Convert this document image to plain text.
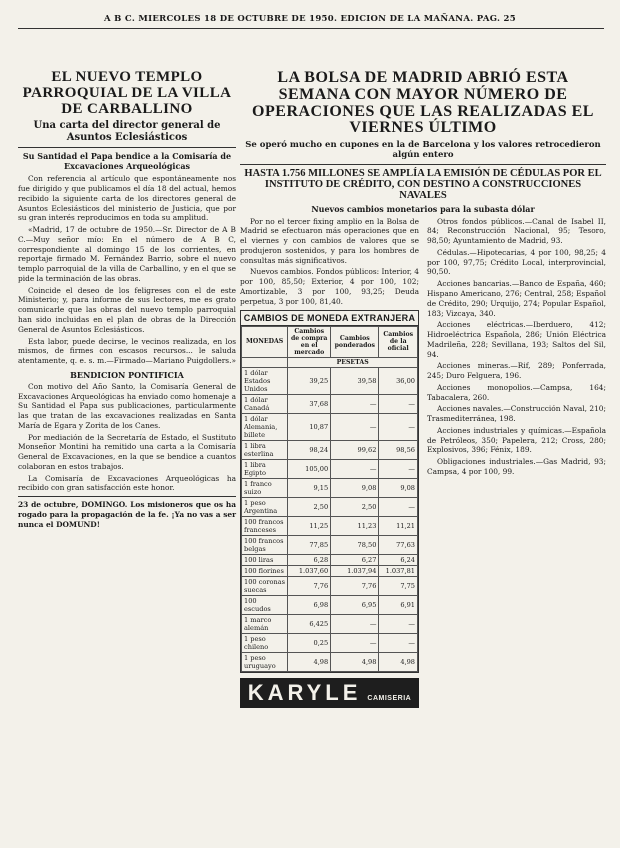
A B C. MIERCOLES 18 DE OCTUBRE DE 1950. EDICION DE LA MAÑANA. PAG. 25
EL NUEVO TEMPLO PARROQUIAL DE LA VILLA DE CARBALLINO
Una carta del director general de Asuntos Eclesiásticos
Su Santidad el Papa bendice a la Comisaría de Excavaciones Arqueológicas

Con referencia al artículo que espontáneamente nos fue dirigido y que publicamos el día 18 del actual, hemos recibido la siguiente carta de los directores general de Asuntos Eclesiásticos del ministerio de Justicia, que por su gran interés reproducimos en toda su amplitud.

«Madrid, 17 de octubre de 1950.—Sr. Director de A B C.—Muy señor mío: En el número de A B C, correspondiente al domingo 15 de los corrientes, en reportaje firmado M. Fernández Barrio, sobre el nuevo templo parroquial de la villa de Carballino, y en el que se pide la terminación de las obras.

Coincide el deseo de los feligreses con el de este Ministerio; y, para informe de sus lectores, me es grato comunicarle que las obras del nuevo templo parroquial han sido incluidas en el plan de obras de la Dirección General de Asuntos Eclesiásticos.

Esta labor, puede decirse, le vecinos realizada, en los mismos, de firmes con escasos recursos... le saluda atentamente, q. e. s. m.—Firmado—Mariano Puigdollers.»

BENDICION PONTIFICIA

Con motivo del Año Santo, la Comisaría General de Excavaciones Arqueológicas ha enviado como homenaje a Su Santidad el Papa sus publicaciones, particularmente las que tratan de las excavaciones realizadas en Santa María de Egara y Zorita de los Canes.

Por mediación de la Secretaría de Estado, el Sustituto Monseñor Montini ha remitido una carta a la Comisaría General de Excavaciones, en la que se bendice a cuantos colaboran en estos trabajos.

La Comisaría de Excavaciones Arqueológicas ha recibido con gran satisfacción este honor.

23 de octubre, DOMINGO. Los misioneros que os ha rogado para la propagación de la fe. ¡Ya no vas a ser nunca el DOMUND!
LA BOLSA DE MADRID ABRIÓ ESTA SEMANA CON MAYOR NÚMERO DE OPERACIONES QUE LAS REALIZADAS EL VIERNES ÚLTIMO
Se operó mucho en cupones en la de Barcelona y los valores retrocedieron algún entero
HASTA 1.756 MILLONES SE AMPLÍA LA EMISIÓN DE CÉDULAS POR EL INSTITUTO DE CRÉDITO, CON DESTINO A CONSTRUCCIONES NAVALES
Nuevos cambios monetarios para la subasta dólar

Por no el tercer fixing amplio en la Bolsa de Madrid se efectuaron más operaciones que en el viernes y con cambios de valores que se produjeron sostenidos, y para los hombres de consultas más significativos.

Nuevos cambios. Fondos públicos: Interior, 4 por 100, 85,50; Exterior, 4 por 100, 102; Amortizable, 3 por 100, 93,25; Deuda perpetua, 3 por 100, 81,40.

CAMBIOS DE MONEDA EXTRANJERA
MONEDAS	Cambios de compra en el mercado	Cambios ponderados	Cambios de la oficial
	PESETAS		
1 dólar Estados Unidos	39,25	39,58	36,00
1 dólar Canadá	37,68	—	—
1 dólar Alemania, billete	10,87	—	—
1 libra esterlina	98,24	99,62	98,56
1 libra Egipto	105,00	—	—
1 franco suizo	9,15	9,08	9,08
1 peso Argentina	2,50	2,50	—
100 francos franceses	11,25	11,23	11,21
100 francos belgas	77,85	78,50	77,63
100 liras	6,28	6,27	6,24
100 florines	1.037,60	1.037,94	1.037,81
100 coronas suecas	7,76	7,76	7,75
100 escudos	6,98	6,95	6,91
1 marco alemán	6,425	—	—
1 peso chileno	0,25	—	—
1 peso uruguayo	4,98	4,98	4,98
KARYLE CAMISERIA

Otros fondos públicos.—Canal de Isabel II, 84; Reconstrucción Nacional, 95; Tesoro, 98,50; Ayuntamiento de Madrid, 93.

Cédulas.—Hipotecarias, 4 por 100, 98,25; 4 por 100, 97,75; Crédito Local, interprovincial, 90,50.

Acciones bancarias.—Banco de España, 460; Hispano Americano, 276; Central, 258; Español de Crédito, 290; Urquijo, 274; Popular Español, 183; Vizcaya, 340.

Acciones eléctricas.—Iberduero, 412; Hidroeléctrica Española, 286; Unión Eléctrica Madrileña, 228; Sevillana, 193; Saltos del Sil, 94.

Acciones mineras.—Rif, 289; Ponferrada, 245; Duro Felguera, 196.

Acciones monopolios.—Campsa, 164; Tabacalera, 260.

Acciones navales.—Construcción Naval, 210; Trasmediterránea, 198.

Acciones industriales y químicas.—Española de Petróleos, 350; Papelera, 212; Cross, 280; Explosivos, 396; Fénix, 189.

Obligaciones industriales.—Gas Madrid, 93; Campsa, 4 por 100, 99.
